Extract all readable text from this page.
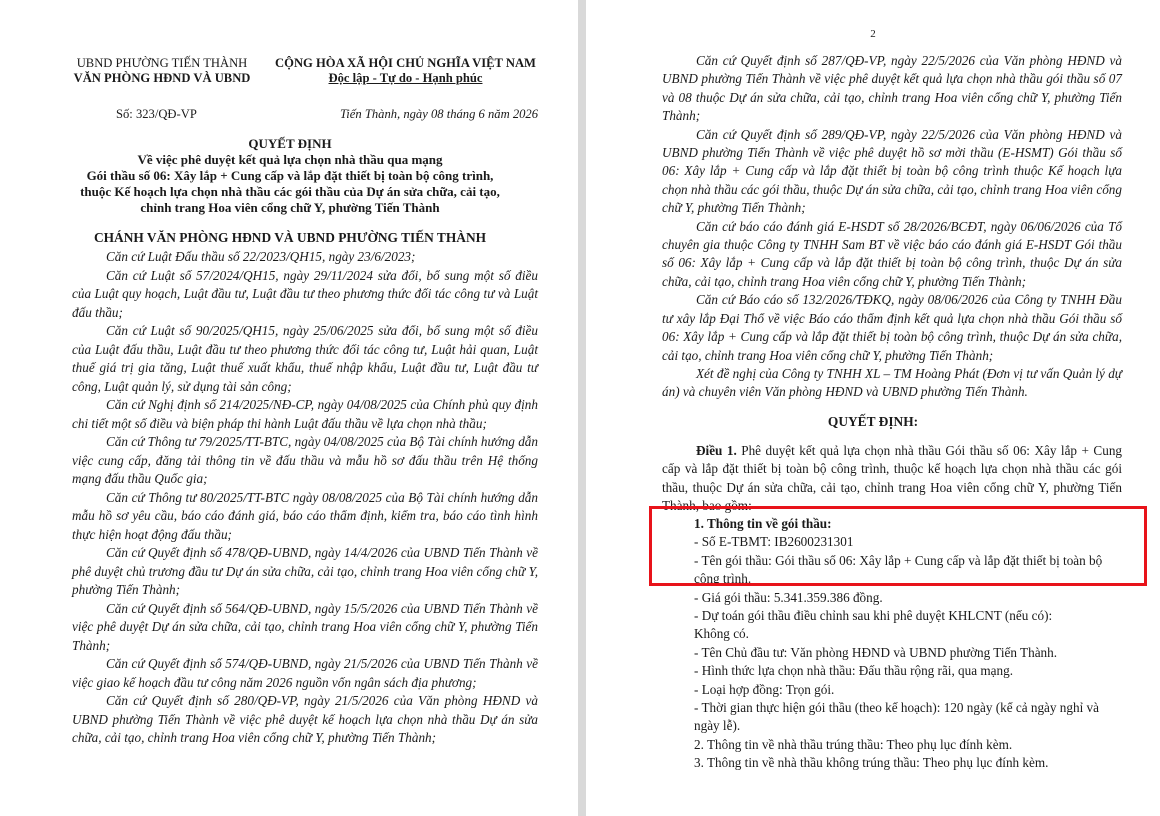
UBND PHƯỜNG TIẾN THÀNH
VĂN PHÒNG HĐND VÀ UBND
CỘNG HÒA XÃ HỘI CHỦ NGHĨA VIỆT NAM
Độc lập - Tự do - Hạnh phúc
Số: 323/QĐ-VP	Tiến Thành, ngày 08 tháng 6 năm 2026
QUYẾT ĐỊNH
Về việc phê duyệt kết quả lựa chọn nhà thầu qua mạng
Gói thầu số 06: Xây lắp + Cung cấp và lắp đặt thiết bị toàn bộ công trình,
thuộc Kế hoạch lựa chọn nhà thầu các gói thầu của Dự án sửa chữa, cải tạo,
chỉnh trang Hoa viên cổng chữ Y, phường Tiến Thành
CHÁNH VĂN PHÒNG HĐND VÀ UBND PHƯỜNG TIẾN THÀNH

Căn cứ Luật Đấu thầu số 22/2023/QH15, ngày 23/6/2023;

Căn cứ Luật số 57/2024/QH15, ngày 29/11/2024 sửa đổi, bổ sung một số điều của Luật quy hoạch, Luật đầu tư, Luật đầu tư theo phương thức đối tác công tư và Luật đấu thầu;

Căn cứ Luật số 90/2025/QH15, ngày 25/06/2025 sửa đổi, bổ sung một số điều của Luật đấu thầu, Luật đầu tư theo phương thức đối tác công tư, Luật hải quan, Luật thuế giá trị gia tăng, Luật thuế xuất khẩu, thuế nhập khẩu, Luật đầu tư, Luật đầu tư công, Luật quản lý, sử dụng tài sản công;

Căn cứ Nghị định số 214/2025/NĐ-CP, ngày 04/08/2025 của Chính phủ quy định chi tiết một số điều và biện pháp thi hành Luật đấu thầu về lựa chọn nhà thầu;

Căn cứ Thông tư 79/2025/TT-BTC, ngày 04/08/2025 của Bộ Tài chính hướng dẫn việc cung cấp, đăng tải thông tin về đấu thầu và mẫu hồ sơ đấu thầu trên Hệ thống mạng đấu thầu Quốc gia;

Căn cứ Thông tư 80/2025/TT-BTC ngày 08/08/2025 của Bộ Tài chính hướng dẫn mẫu hồ sơ yêu cầu, báo cáo đánh giá, báo cáo thẩm định, kiểm tra, báo cáo tình hình thực hiện hoạt động đấu thầu;

Căn cứ Quyết định số 478/QĐ-UBND, ngày 14/4/2026 của UBND Tiến Thành về phê duyệt chủ trương đầu tư Dự án sửa chữa, cải tạo, chỉnh trang Hoa viên cổng chữ Y, phường Tiến Thành;

Căn cứ Quyết định số 564/QĐ-UBND, ngày 15/5/2026 của UBND Tiến Thành về việc phê duyệt Dự án sửa chữa, cải tạo, chỉnh trang Hoa viên cổng chữ Y, phường Tiến Thành;

Căn cứ Quyết định số 574/QĐ-UBND, ngày 21/5/2026 của UBND Tiến Thành về việc giao kế hoạch đầu tư công năm 2026 nguồn vốn ngân sách địa phương;

Căn cứ Quyết định số 280/QĐ-VP, ngày 21/5/2026 của Văn phòng HĐND và UBND phường Tiến Thành về việc phê duyệt kế hoạch lựa chọn nhà thầu Dự án sửa chữa, cải tạo, chỉnh trang Hoa viên cổng chữ Y, phường Tiến Thành;

2

Căn cứ Quyết định số 287/QĐ-VP, ngày 22/5/2026 của Văn phòng HĐND và UBND phường Tiến Thành về việc phê duyệt kết quả lựa chọn nhà thầu gói thầu số 07 và 08 thuộc Dự án sửa chữa, cải tạo, chỉnh trang Hoa viên cổng chữ Y, phường Tiến Thành;

Căn cứ Quyết định số 289/QĐ-VP, ngày 22/5/2026 của Văn phòng HĐND và UBND phường Tiến Thành về việc phê duyệt hồ sơ mời thầu (E-HSMT) Gói thầu số 06: Xây lắp + Cung cấp và lắp đặt thiết bị toàn bộ công trình thuộc Kế hoạch lựa chọn nhà thầu các gói thầu, thuộc Dự án sửa chữa, cải tạo, chỉnh trang Hoa viên cổng chữ Y, phường Tiến Thành;

Căn cứ báo cáo đánh giá E-HSDT số 28/2026/BCĐT, ngày 06/06/2026 của Tổ chuyên gia thuộc Công ty TNHH Sam BT về việc báo cáo đánh giá E-HSDT Gói thầu số 06: Xây lắp + Cung cấp và lắp đặt thiết bị toàn bộ công trình, thuộc Dự án sửa chữa, cải tạo, chỉnh trang Hoa viên cổng chữ Y, phường Tiến Thành;

Căn cứ Báo cáo số 132/2026/TĐKQ, ngày 08/06/2026 của Công ty TNHH Đầu tư xây lắp Đại Thổ về việc Báo cáo thẩm định kết quả lựa chọn nhà thầu Gói thầu số 06: Xây lắp + Cung cấp và lắp đặt thiết bị toàn bộ công trình, thuộc Dự án sửa chữa, cải tạo, chỉnh trang Hoa viên cổng chữ Y, phường Tiến Thành;

Xét đề nghị của Công ty TNHH XL – TM Hoàng Phát (Đơn vị tư vấn Quản lý dự án) và chuyên viên Văn phòng HĐND và UBND phường Tiến Thành.

QUYẾT ĐỊNH:
Điều 1. Phê duyệt kết quả lựa chọn nhà thầu Gói thầu số 06: Xây lắp + Cung cấp và lắp đặt thiết bị toàn bộ công trình, thuộc kế hoạch lựa chọn nhà thầu các gói thầu, thuộc Dự án sửa chữa, cải tạo, chỉnh trang Hoa viên cổng chữ Y, phường Tiến Thành, bao gồm:
1. Thông tin về gói thầu:
- Số E-TBMT: IB2600231301
- Tên gói thầu: Gói thầu số 06: Xây lắp + Cung cấp và lắp đặt thiết bị toàn bộ công trình.
- Giá gói thầu: 5.341.359.386 đồng.
- Dự toán gói thầu điều chỉnh sau khi phê duyệt KHLCNT (nếu có):
Không có.
- Tên Chủ đầu tư: Văn phòng HĐND và UBND phường Tiến Thành.
- Hình thức lựa chọn nhà thầu: Đấu thầu rộng rãi, qua mạng.
- Loại hợp đồng: Trọn gói.
- Thời gian thực hiện gói thầu (theo kế hoạch): 120 ngày (kể cả ngày nghỉ và ngày lễ).
2. Thông tin về nhà thầu trúng thầu: Theo phụ lục đính kèm.
3. Thông tin về nhà thầu không trúng thầu: Theo phụ lục đính kèm.
